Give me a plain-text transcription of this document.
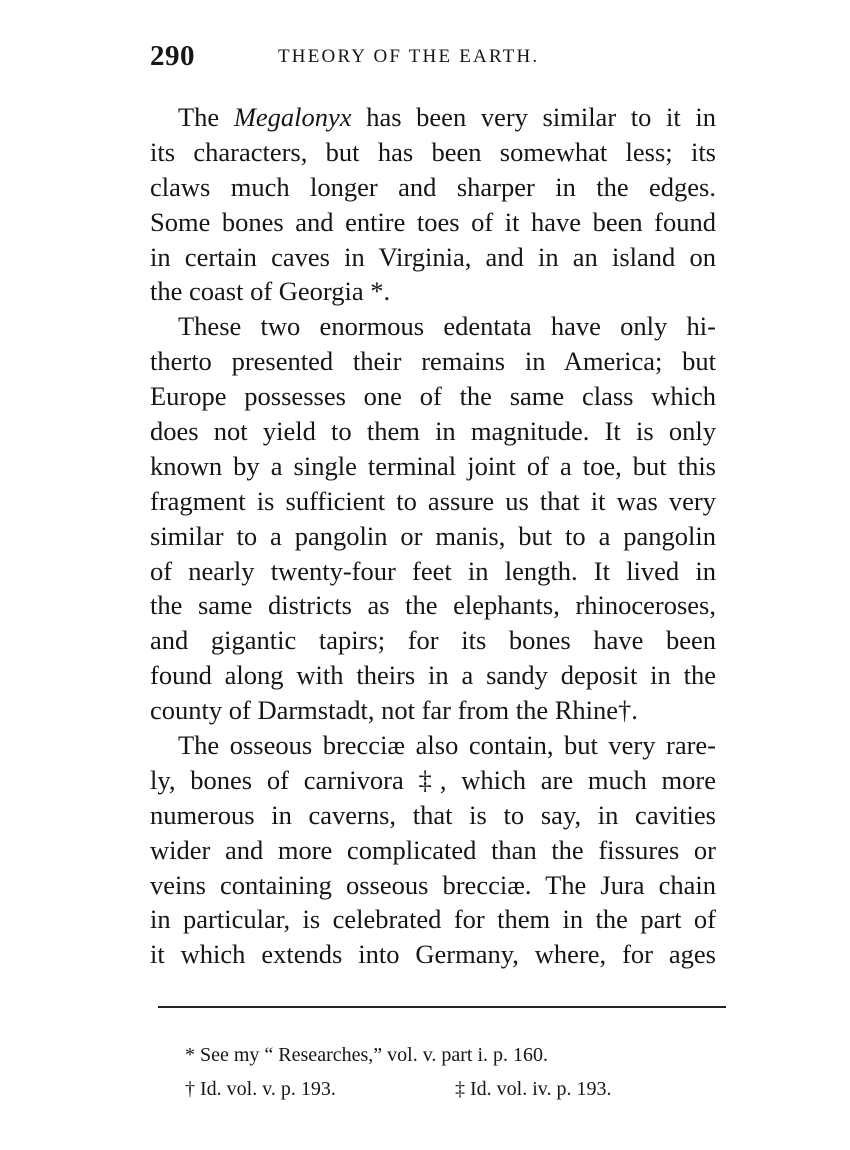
290	THEORY OF THE EARTH.
The Megalonyx has been very similar to it in
its characters, but has been somewhat less; its
claws much longer and sharper in the edges.
Some bones and entire toes of it have been found
in certain caves in Virginia, and in an island on
the coast of Georgia *.
These two enormous edentata have only hi-
therto presented their remains in America; but
Europe possesses one of the same class which
does not yield to them in magnitude. It is only
known by a single terminal joint of a toe, but this
fragment is sufficient to assure us that it was very
similar to a pangolin or manis, but to a pangolin
of nearly twenty-four feet in length. It lived in
the same districts as the elephants, rhinoceroses,
and gigantic tapirs; for its bones have been
found along with theirs in a sandy deposit in the
county of Darmstadt, not far from the Rhine†.
The osseous brecciæ also contain, but very rare-
ly, bones of carnivora ‡, which are much more
numerous in caverns, that is to say, in cavities
wider and more complicated than the fissures or
veins containing osseous brecciæ. The Jura chain
in particular, is celebrated for them in the part of
it which extends into Germany, where, for ages
* See my “ Researches,” vol. v. part i. p. 160.
† Id. vol. v. p. 193.	‡ Id. vol. iv. p. 193.
